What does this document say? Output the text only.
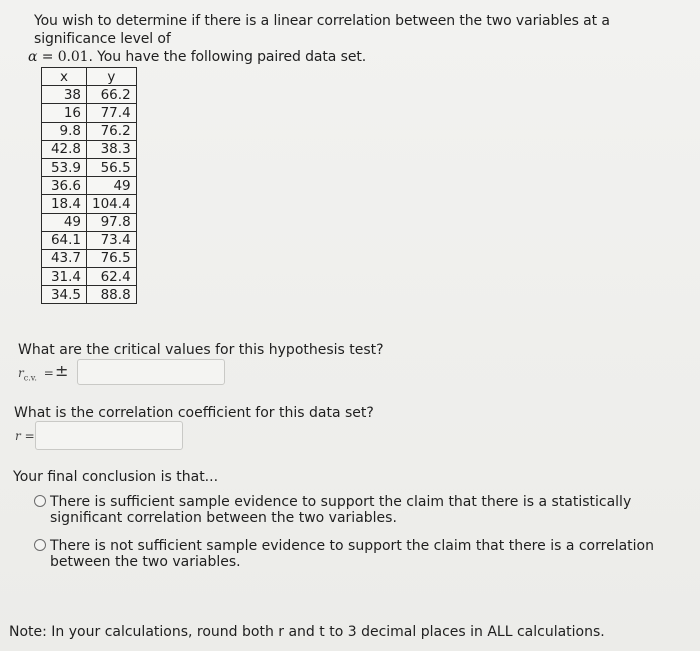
You wish to determine if there is a linear correlation between the two variables at a significance level of

α = 0.01. You have the following paired data set.
x	y
38	66.2
16	77.4
9.8	76.2
42.8	38.3
53.9	56.5
36.6	49
18.4	104.4
49	97.8
64.1	73.4
43.7	76.5
31.4	62.4
34.5	88.8
What are the critical values for this hypothesis test?
$r_{c.v.}$ = ±
What is the correlation coefficient for this data set?
r =
Your final conclusion is that...
There is sufficient sample evidence to support the claim that there is a statistically significant correlation between the two variables.
There is not sufficient sample evidence to support the claim that there is a correlation between the two variables.
Note: In your calculations, round both r and t to 3 decimal places in ALL calculations.
